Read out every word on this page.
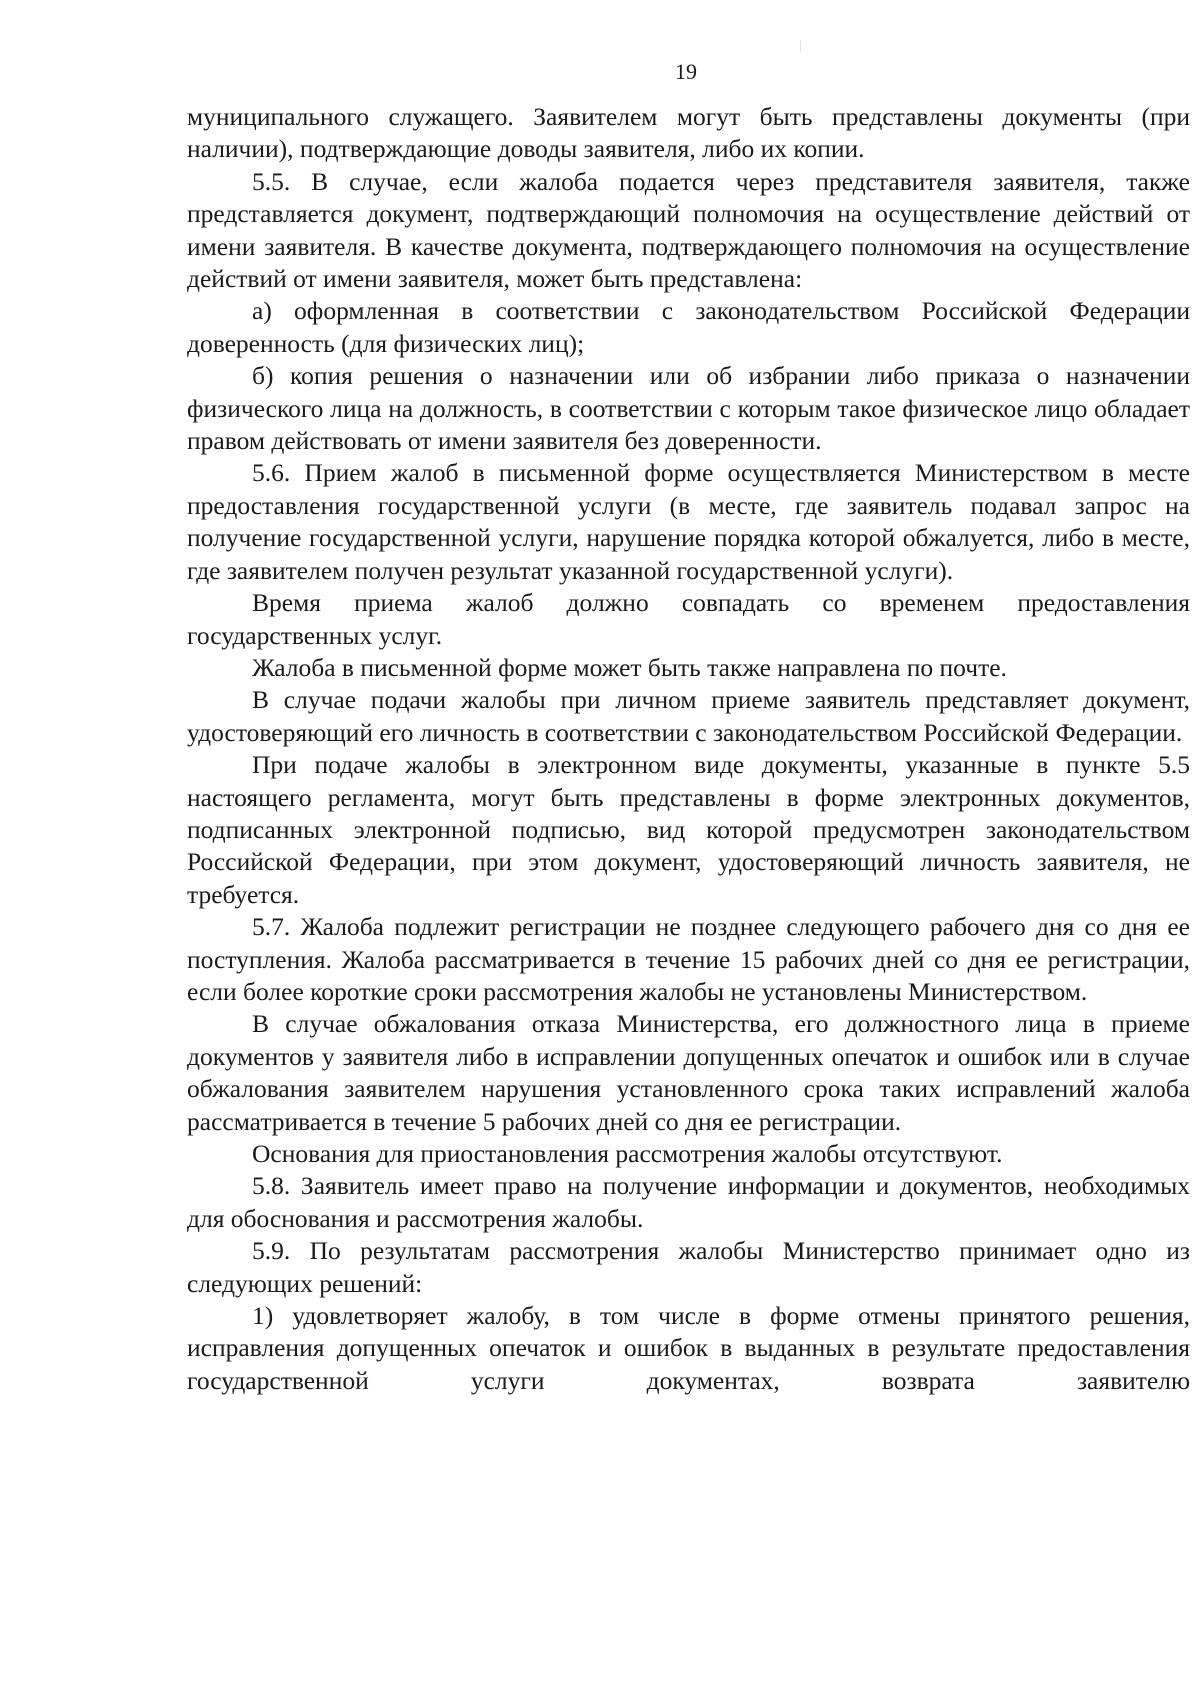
19

муниципального служащего. Заявителем могут быть представлены документы (при наличии), подтверждающие доводы заявителя, либо их копии.

5.5. В случае, если жалоба подается через представителя заявителя, также представляется документ, подтверждающий полномочия на осуществление действий от имени заявителя. В качестве документа, подтверждающего полномочия на осуществление действий от имени заявителя, может быть представлена:

а) оформленная в соответствии с законодательством Российской Федерации доверенность (для физических лиц);

б) копия решения о назначении или об избрании либо приказа о назначении физического лица на должность, в соответствии с которым такое физическое лицо обладает правом действовать от имени заявителя без доверенности.

5.6. Прием жалоб в письменной форме осуществляется Министерством в месте предоставления государственной услуги (в месте, где заявитель подавал запрос на получение государственной услуги, нарушение порядка которой обжалуется, либо в месте, где заявителем получен результат указанной государственной услуги).

Время приема жалоб должно совпадать со временем предоставления государственных услуг.

Жалоба в письменной форме может быть также направлена по почте.

В случае подачи жалобы при личном приеме заявитель представляет документ, удостоверяющий его личность в соответствии с законодательством Российской Федерации.

При подаче жалобы в электронном виде документы, указанные в пункте 5.5 настоящего регламента, могут быть представлены в форме электронных документов, подписанных электронной подписью, вид которой предусмотрен законодательством Российской Федерации, при этом документ, удостоверяющий личность заявителя, не требуется.

5.7. Жалоба подлежит регистрации не позднее следующего рабочего дня со дня ее поступления. Жалоба рассматривается в течение 15 рабочих дней со дня ее регистрации, если более короткие сроки рассмотрения жалобы не установлены Министерством.

В случае обжалования отказа Министерства, его должностного лица в приеме документов у заявителя либо в исправлении допущенных опечаток и ошибок или в случае обжалования заявителем нарушения установленного срока таких исправлений жалоба рассматривается в течение 5 рабочих дней со дня ее регистрации.

Основания для приостановления рассмотрения жалобы отсутствуют.

5.8. Заявитель имеет право на получение информации и документов, необходимых для обоснования и рассмотрения жалобы.

5.9. По результатам рассмотрения жалобы Министерство принимает одно из следующих решений:

1) удовлетворяет жалобу, в том числе в форме отмены принятого решения, исправления допущенных опечаток и ошибок в выданных в результате предоставления государственной услуги документах, возврата заявителю
